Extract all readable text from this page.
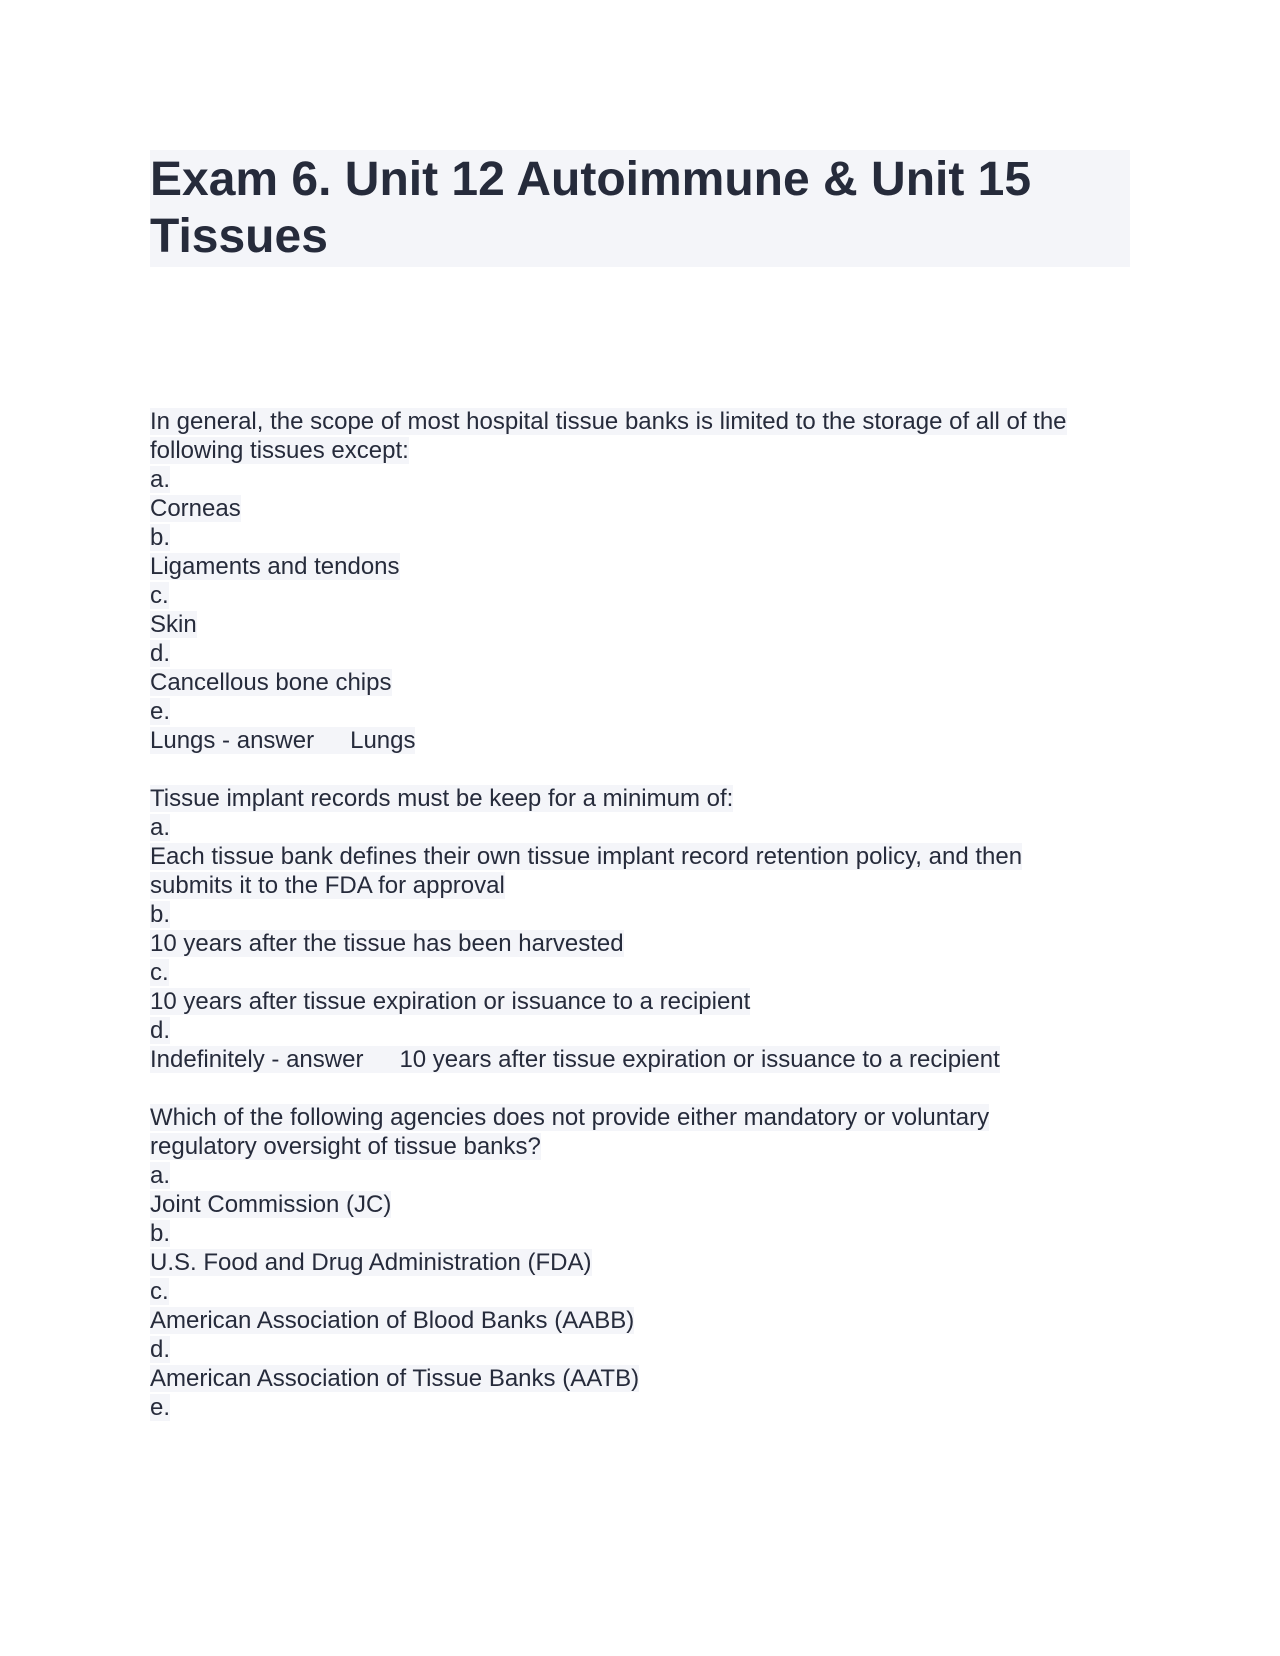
Exam 6. Unit 12 Autoimmune & Unit 15 Tissues
In general, the scope of most hospital tissue banks is limited to the storage of all of the
following tissues except:
a.
Corneas
b.
Ligaments and tendons
c.
Skin
d.
Cancellous bone chips
e.
Lungs - answer Lungs
Tissue implant records must be keep for a minimum of:
a.
Each tissue bank defines their own tissue implant record retention policy, and then
submits it to the FDA for approval
b.
10 years after the tissue has been harvested
c.
10 years after tissue expiration or issuance to a recipient
d.
Indefinitely - answer 10 years after tissue expiration or issuance to a recipient
Which of the following agencies does not provide either mandatory or voluntary
regulatory oversight of tissue banks?
a.
Joint Commission (JC)
b.
U.S. Food and Drug Administration (FDA)
c.
American Association of Blood Banks (AABB)
d.
American Association of Tissue Banks (AATB)
e.
